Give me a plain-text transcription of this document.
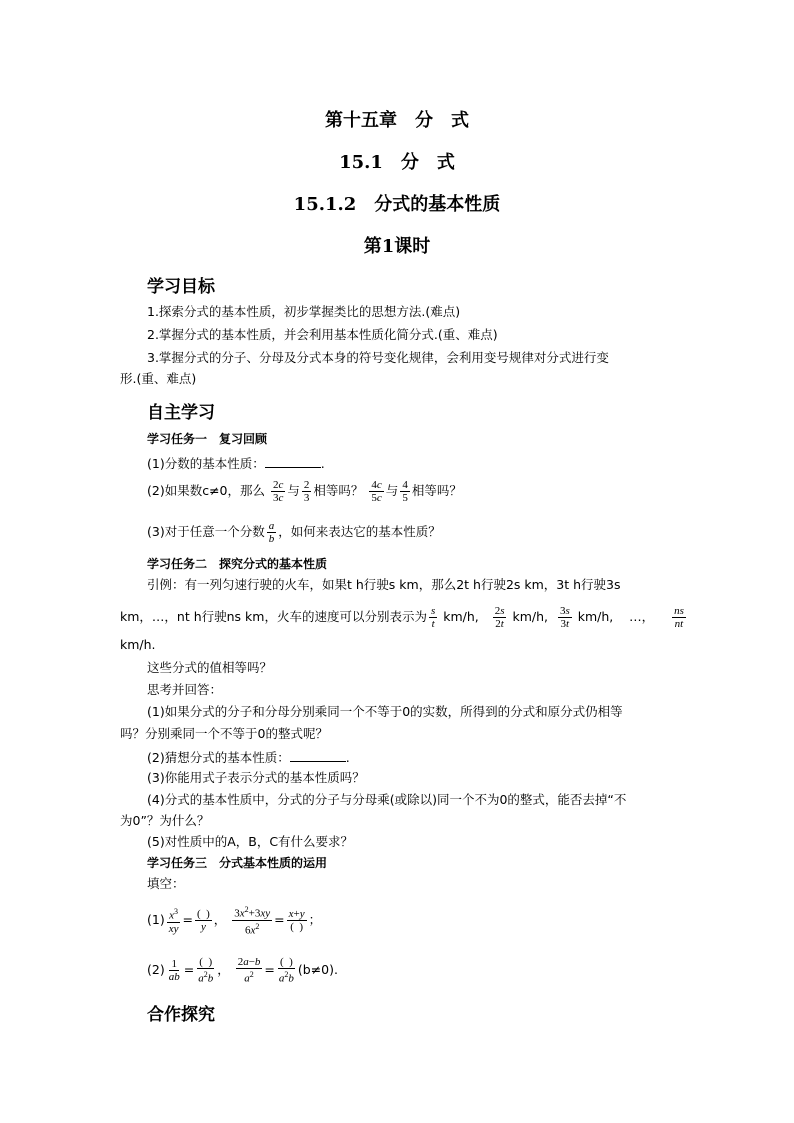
第十五章　分　式
15.1　分　式
15.1.2　分式的基本性质
第1课时
学习目标
1.探索分式的基本性质，初步掌握类比的思想方法.(难点)
2.掌握分式的基本性质，并会利用基本性质化简分式.(重、难点)
3.掌握分式的分子、分母及分式本身的符号变化规律，会利用变号规律对分式进行变
形.(重、难点)
自主学习
学习任务一　复习回顾
(1)分数的基本性质：	.
(2)如果数c≠0，那么 $\frac{2c}{3c}$ 与 $\frac{2}{3}$ 相等吗？ $\frac{4c}{5c}$ 与 $\frac{4}{5}$ 相等吗？
(3)对于任意一个分数 $\frac{a}{b}$ ，如何来表达它的基本性质？
学习任务二　探究分式的基本性质
引例：有一列匀速行驶的火车，如果t h行驶s km，那么2t h行驶2s km，3t h行驶3s
km，…，nt h行驶ns km，火车的速度可以分别表示为 $\frac{s}{t} km/h$, $\frac{2s}{2t} km/h$, $\frac{3s}{3t} km/h$, …， $\frac{ns}{nt}$
km/h.
这些分式的值相等吗？
思考并回答：
(1)如果分式的分子和分母分别乘同一个不等于0的实数，所得到的分式和原分式仍相等
吗？分别乘同一个不等于0的整式呢？
(2)猜想分式的基本性质：	.
(3)你能用式子表示分式的基本性质吗？
(4)分式的基本性质中，分式的分子与分母乘(或除以)同一个不为0的整式，能否去掉“不
为0”？为什么？
(5)对性质中的A，B，C有什么要求？
学习任务三　分式基本性质的运用
填空：
$(1) \frac{x^3}{xy} = \frac{( )}{y}$ ， $\frac{3x^2+3xy}{6x^2} = \frac{x+y}{( )}$ ；
$(2) \frac{1}{ab} = \frac{( )}{a^2b}$ ， $\frac{2a-b}{a^2} = \frac{( )}{a^2b} (b\ne 0)$.
合作探究
